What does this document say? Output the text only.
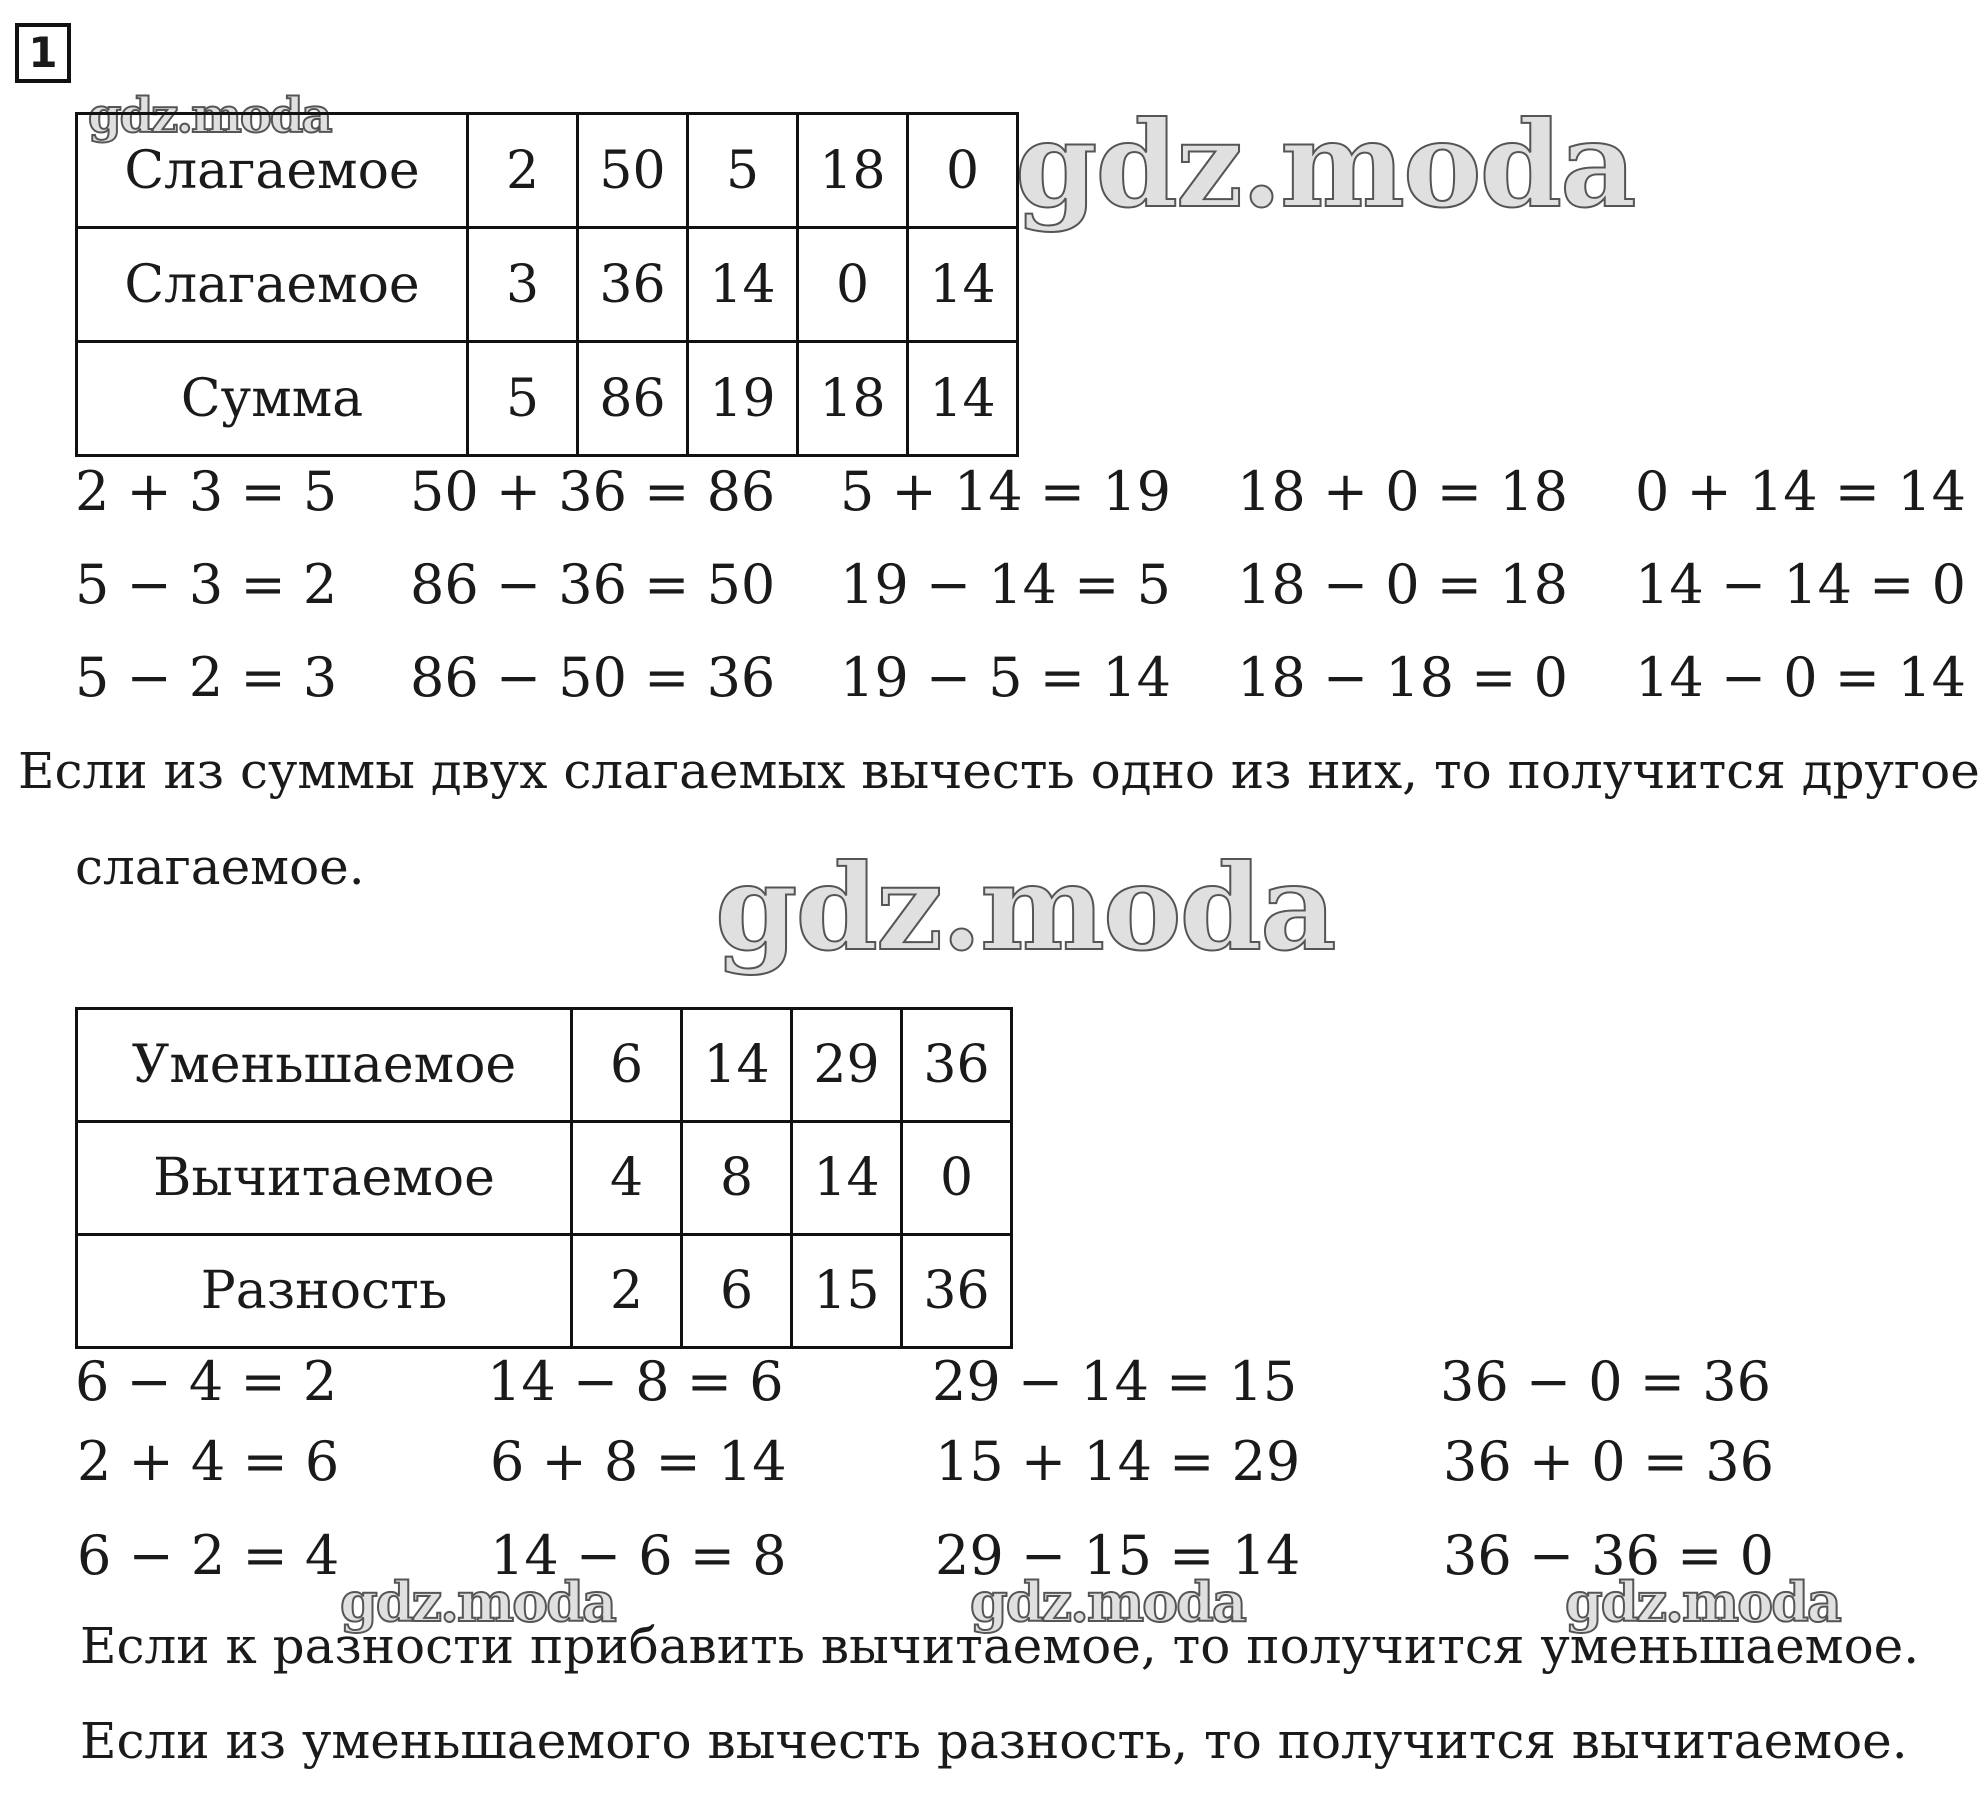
1
gdz.moda	gdz.moda
gdz.moda
gdz.moda	gdz.moda	gdz.moda
Слагаемое	2	50	5	18	0
Слагаемое	3	36	14	0	14
Сумма	5	86	19	18	14
2 + 3 = 5 50 + 36 = 86 5 + 14 = 19 18 + 0 = 18 0 + 14 = 14
5 − 3 = 2 86 − 36 = 50 19 − 14 = 5 18 − 0 = 18 14 − 14 = 0
5 − 2 = 3 86 − 50 = 36 19 − 5 = 14 18 − 18 = 0 14 − 0 = 14
Если из суммы двух слагаемых вычесть одно из них, то получится другое
слагаемое.
Уменьшаемое	6	14	29	36
Вычитаемое	4	8	14	0
Разность	2	6	15	36
6 − 4 = 2	14 − 8 = 6	29 − 14 = 15	36 − 0 = 36
2 + 4 = 6	6 + 8 = 14	15 + 14 = 29	36 + 0 = 36
6 − 2 = 4	14 − 6 = 8	29 − 15 = 14	36 − 36 = 0
Если к разности прибавить вычитаемое, то получится уменьшаемое.
Если из уменьшаемого вычесть разность, то получится вычитаемое.
